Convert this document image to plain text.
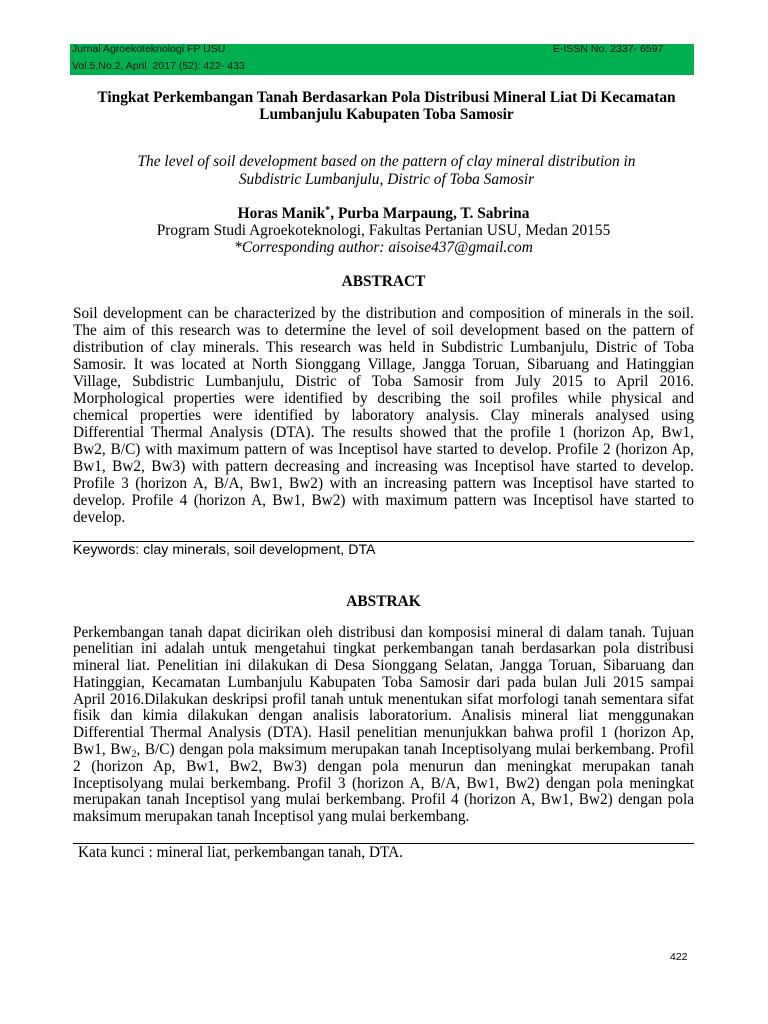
Jurnal Agroekoteknologi FP USU	E-ISSN No. 2337- 6597
Vol.5.No.2, April  2017 (52): 422- 433
Tingkat Perkembangan Tanah Berdasarkan Pola Distribusi Mineral Liat Di Kecamatan
Lumbanjulu Kabupaten Toba Samosir
The level of soil development based on the pattern of clay mineral distribution in
Subdistric Lumbanjulu, Distric of Toba Samosir
Horas Manik*, Purba Marpaung, T. Sabrina
Program Studi Agroekoteknologi, Fakultas Pertanian USU, Medan 20155
*Corresponding author: aisoise437@gmail.com
ABSTRACT
Soil development can be characterized by the distribution and composition of minerals in the soil.
The aim of this research was to determine the level of soil development based on the pattern of
distribution of clay minerals. This research was held in Subdistric Lumbanjulu, Distric of Toba
Samosir. It was located at North Sionggang Village, Jangga Toruan, Sibaruang and Hatinggian
Village, Subdistric Lumbanjulu, Distric of Toba Samosir from July 2015 to April 2016.
Morphological properties were identified by describing the soil profiles while physical and
chemical properties were identified by laboratory analysis. Clay minerals analysed using
Differential Thermal Analysis (DTA). The results showed that the profile 1 (horizon Ap, Bw1,
Bw2, B/C) with maximum pattern of was Inceptisol have started to develop. Profile 2 (horizon Ap,
Bw1, Bw2, Bw3) with pattern decreasing and increasing was Inceptisol have started to develop.
Profile 3 (horizon A, B/A, Bw1, Bw2) with an increasing pattern was Inceptisol have started to
develop. Profile 4 (horizon A, Bw1, Bw2) with maximum pattern was Inceptisol have started to
develop.
Keywords: clay minerals, soil development, DTA
ABSTRAK
Perkembangan tanah dapat dicirikan oleh distribusi dan komposisi mineral di dalam tanah. Tujuan
penelitian ini adalah untuk mengetahui tingkat perkembangan tanah berdasarkan pola distribusi
mineral liat. Penelitian ini dilakukan di Desa Sionggang Selatan, Jangga Toruan, Sibaruang dan
Hatinggian, Kecamatan Lumbanjulu Kabupaten Toba Samosir dari pada bulan Juli 2015 sampai
April 2016.Dilakukan deskripsi profil tanah untuk menentukan sifat morfologi tanah sementara sifat
fisik dan kimia dilakukan dengan analisis laboratorium. Analisis mineral liat menggunakan
Differential Thermal Analysis (DTA). Hasil penelitian menunjukkan bahwa profil 1 (horizon Ap,
Bw1, $Bw_2$, B/C) dengan pola maksimum merupakan tanah Inceptisolyang mulai berkembang. Profil
2 (horizon Ap, Bw1, Bw2, Bw3) dengan pola menurun dan meningkat merupakan tanah
Inceptisolyang mulai berkembang. Profil 3 (horizon A, B/A, Bw1, Bw2) dengan pola meningkat
merupakan tanah Inceptisol yang mulai berkembang. Profil 4 (horizon A, Bw1, Bw2) dengan pola
maksimum merupakan tanah Inceptisol yang mulai berkembang.
Kata kunci : mineral liat, perkembangan tanah, DTA.
422
